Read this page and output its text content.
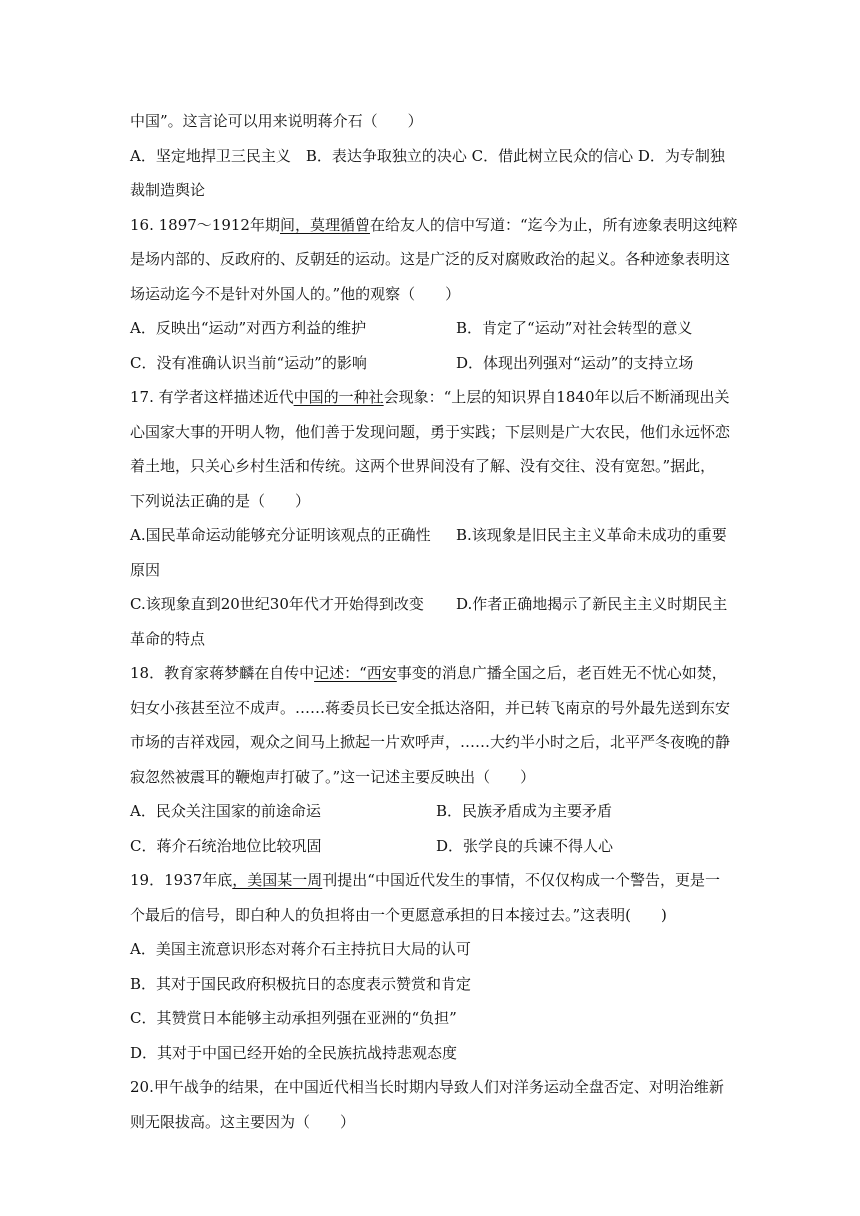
中国”。这言论可以用来说明蒋介石（　　）
A．坚定地捍卫三民主义　B．表达争取独立的决心 C．借此树立民众的信心 D．为专制独
裁制造舆论
16. 1897～1912年期间，莫理循曾在给友人的信中写道：“迄今为止，所有迹象表明这纯粹
是场内部的、反政府的、反朝廷的运动。这是广泛的反对腐败政治的起义。各种迹象表明这
场运动迄今不是针对外国人的。”他的观察（　　）
A．反映出“运动”对西方利益的维护	B．肯定了“运动”对社会转型的意义
C．没有准确认识当前“运动”的影响	D．体现出列强对“运动”的支持立场
17. 有学者这样描述近代中国的一种社会现象：“上层的知识界自1840年以后不断涌现出关
心国家大事的开明人物，他们善于发现问题，勇于实践；下层则是广大农民，他们永远怀恋
着土地，只关心乡村生活和传统。这两个世界间没有了解、没有交往、没有宽恕。”据此，
下列说法正确的是（　　）
A.国民革命运动能够充分证明该观点的正确性	B.该现象是旧民主主义革命未成功的重要
原因
C.该现象直到20世纪30年代才开始得到改变	D.作者正确地揭示了新民主主义时期民主
革命的特点
18．教育家蒋梦麟在自传中记述：“西安事变的消息广播全国之后，老百姓无不忧心如焚，
妇女小孩甚至泣不成声。……蒋委员长已安全抵达洛阳，并已转飞南京的号外最先送到东安
市场的吉祥戏园，观众之间马上掀起一片欢呼声，……大约半小时之后，北平严冬夜晚的静
寂忽然被震耳的鞭炮声打破了。”这一记述主要反映出（　　）
A．民众关注国家的前途命运	B．民族矛盾成为主要矛盾
C．蒋介石统治地位比较巩固	D．张学良的兵谏不得人心
19．1937年底，美国某一周刊提出“中国近代发生的事情，不仅仅构成一个警告，更是一
个最后的信号，即白种人的负担将由一个更愿意承担的日本接过去。”这表明(　　)
A．美国主流意识形态对蒋介石主持抗日大局的认可
B．其对于国民政府积极抗日的态度表示赞赏和肯定
C．其赞赏日本能够主动承担列强在亚洲的“负担”
D．其对于中国已经开始的全民族抗战持悲观态度
20.甲午战争的结果，在中国近代相当长时期内导致人们对洋务运动全盘否定、对明治维新
则无限拔高。这主要因为（　　）
